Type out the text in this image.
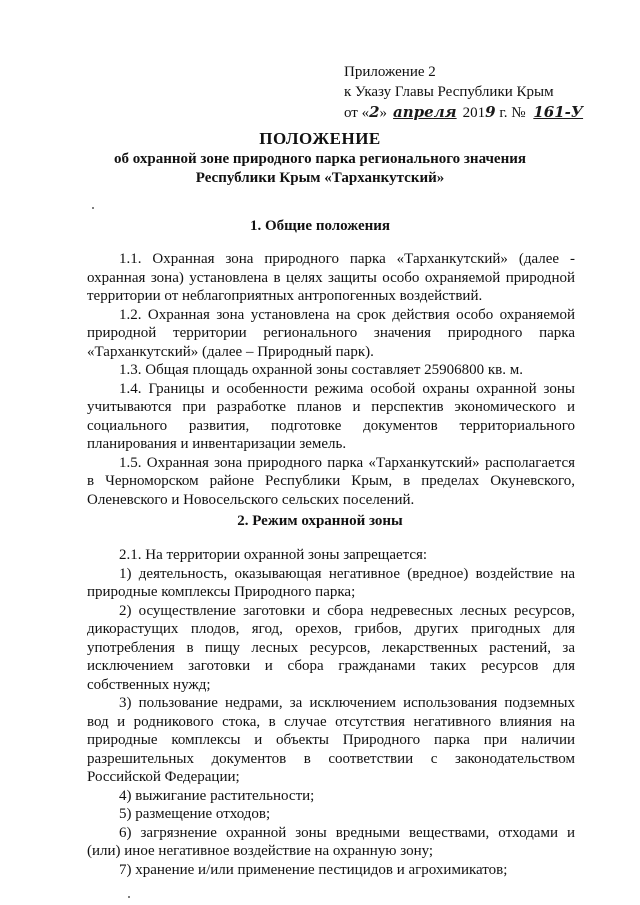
Приложение 2
к Указу Главы Республики Крым
от «2» апреля 2019 г. № 161-У
ПОЛОЖЕНИЕ
об охранной зоне природного парка регионального значения
Республики Крым «Тарханкутский»
1. Общие положения

1.1. Охранная зона природного парка «Тарханкутский» (далее - охранная зона) установлена в целях защиты особо охраняемой природной территории от неблагоприятных антропогенных воздействий.

1.2. Охранная зона установлена на срок действия особо охраняемой природной территории регионального значения природного парка «Тарханкутский» (далее – Природный парк).

1.3. Общая площадь охранной зоны составляет 25906800 кв. м.

1.4. Границы и особенности режима особой охраны охранной зоны учитываются при разработке планов и перспектив экономического и социального развития, подготовке документов территориального планирования и инвентаризации земель.

1.5. Охранная зона природного парка «Тарханкутский» располагается в Черноморском районе Республики Крым, в пределах Окуневского, Оленевского и Новосельского сельских поселений.

2. Режим охранной зоны

2.1. На территории охранной зоны запрещается:

1) деятельность, оказывающая негативное (вредное) воздействие на природные комплексы Природного парка;

2) осуществление заготовки и сбора недревесных лесных ресурсов, дикорастущих плодов, ягод, орехов, грибов, других пригодных для употребления в пищу лесных ресурсов, лекарственных растений, за исключением заготовки и сбора гражданами таких ресурсов для собственных нужд;

3) пользование недрами, за исключением использования подземных вод и родникового стока, в случае отсутствия негативного влияния на природные комплексы и объекты Природного парка при наличии разрешительных документов в соответствии с законодательством Российской Федерации;

4) выжигание растительности;

5) размещение отходов;

6) загрязнение охранной зоны вредными веществами, отходами и (или) иное негативное воздействие на охранную зону;

7) хранение и/или применение пестицидов и агрохимикатов;
